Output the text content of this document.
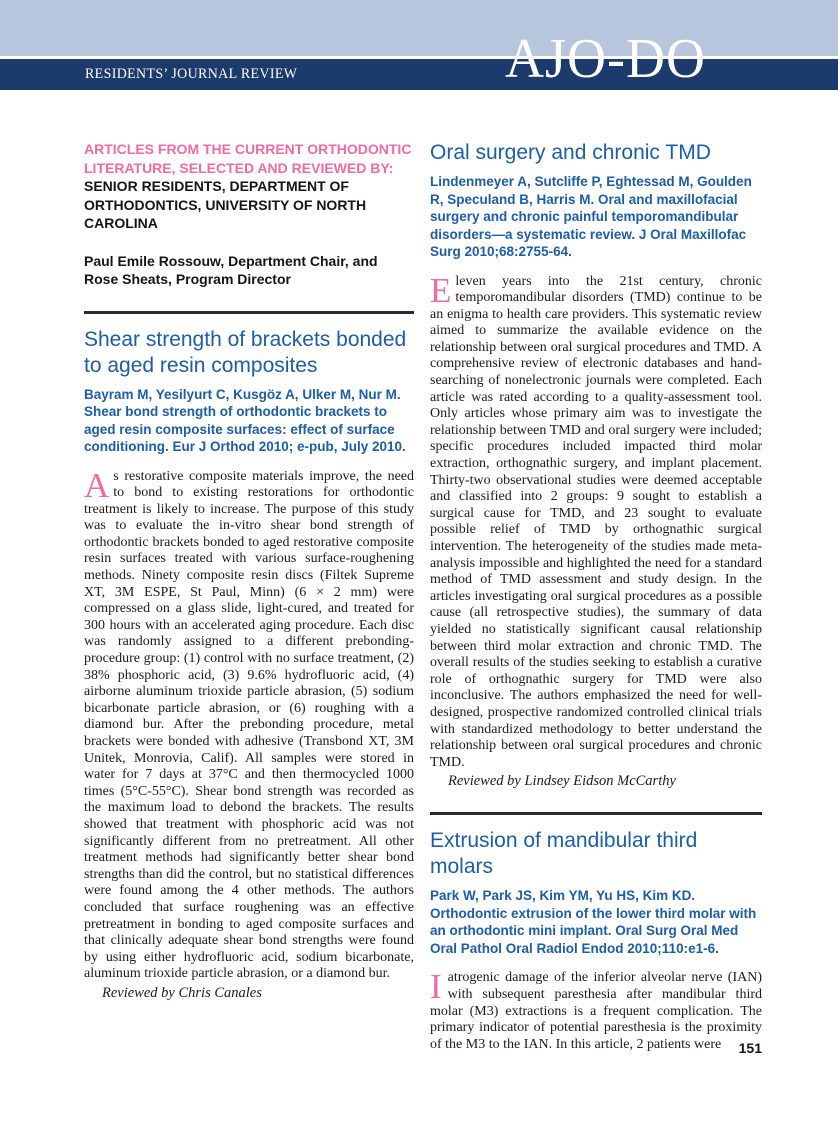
RESIDENTS’ JOURNAL REVIEW	AJO-DO
ARTICLES FROM THE CURRENT ORTHODONTIC LITERATURE, SELECTED AND REVIEWED BY:
SENIOR RESIDENTS, DEPARTMENT OF ORTHODONTICS, UNIVERSITY OF NORTH CAROLINA
Paul Emile Rossouw, Department Chair, and Rose Sheats, Program Director
Shear strength of brackets bonded to aged resin composites
Bayram M, Yesilyurt C, Kusgöz A, Ulker M, Nur M. Shear bond strength of orthodontic brackets to aged resin composite surfaces: effect of surface conditioning. Eur J Orthod 2010; e-pub, July 2010.
As restorative composite materials improve, the need to bond to existing restorations for orthodontic treatment is likely to increase. The purpose of this study was to evaluate the in-vitro shear bond strength of orthodontic brackets bonded to aged restorative composite resin surfaces treated with various surface-roughening methods. Ninety composite resin discs (Filtek Supreme XT, 3M ESPE, St Paul, Minn) (6 × 2 mm) were compressed on a glass slide, light-cured, and treated for 300 hours with an accelerated aging procedure. Each disc was randomly assigned to a different prebonding-procedure group: (1) control with no surface treatment, (2) 38% phosphoric acid, (3) 9.6% hydrofluoric acid, (4) airborne aluminum trioxide particle abrasion, (5) sodium bicarbonate particle abrasion, or (6) roughing with a diamond bur. After the prebonding procedure, metal brackets were bonded with adhesive (Transbond XT, 3M Unitek, Monrovia, Calif). All samples were stored in water for 7 days at 37°C and then thermocycled 1000 times (5°C-55°C). Shear bond strength was recorded as the maximum load to debond the brackets. The results showed that treatment with phosphoric acid was not significantly different from no pretreatment. All other treatment methods had significantly better shear bond strengths than did the control, but no statistical differences were found among the 4 other methods. The authors concluded that surface roughening was an effective pretreatment in bonding to aged composite surfaces and that clinically adequate shear bond strengths were found by using either hydrofluoric acid, sodium bicarbonate, aluminum trioxide particle abrasion, or a diamond bur.
Reviewed by Chris Canales
Oral surgery and chronic TMD
Lindenmeyer A, Sutcliffe P, Eghtessad M, Goulden R, Speculand B, Harris M. Oral and maxillofacial surgery and chronic painful temporomandibular disorders—a systematic review. J Oral Maxillofac Surg 2010;68:2755-64.
Eleven years into the 21st century, chronic temporomandibular disorders (TMD) continue to be an enigma to health care providers. This systematic review aimed to summarize the available evidence on the relationship between oral surgical procedures and TMD. A comprehensive review of electronic databases and hand-searching of nonelectronic journals were completed. Each article was rated according to a quality-assessment tool. Only articles whose primary aim was to investigate the relationship between TMD and oral surgery were included; specific procedures included impacted third molar extraction, orthognathic surgery, and implant placement. Thirty-two observational studies were deemed acceptable and classified into 2 groups: 9 sought to establish a surgical cause for TMD, and 23 sought to evaluate possible relief of TMD by orthognathic surgical intervention. The heterogeneity of the studies made meta-analysis impossible and highlighted the need for a standard method of TMD assessment and study design. In the articles investigating oral surgical procedures as a possible cause (all retrospective studies), the summary of data yielded no statistically significant causal relationship between third molar extraction and chronic TMD. The overall results of the studies seeking to establish a curative role of orthognathic surgery for TMD were also inconclusive. The authors emphasized the need for well-designed, prospective randomized controlled clinical trials with standardized methodology to better understand the relationship between oral surgical procedures and chronic TMD.
Reviewed by Lindsey Eidson McCarthy
Extrusion of mandibular third molars
Park W, Park JS, Kim YM, Yu HS, Kim KD. Orthodontic extrusion of the lower third molar with an orthodontic mini implant. Oral Surg Oral Med Oral Pathol Oral Radiol Endod 2010;110:e1-6.
Iatrogenic damage of the inferior alveolar nerve (IAN) with subsequent paresthesia after mandibular third molar (M3) extractions is a frequent complication. The primary indicator of potential paresthesia is the proximity of the M3 to the IAN. In this article, 2 patients were	151
